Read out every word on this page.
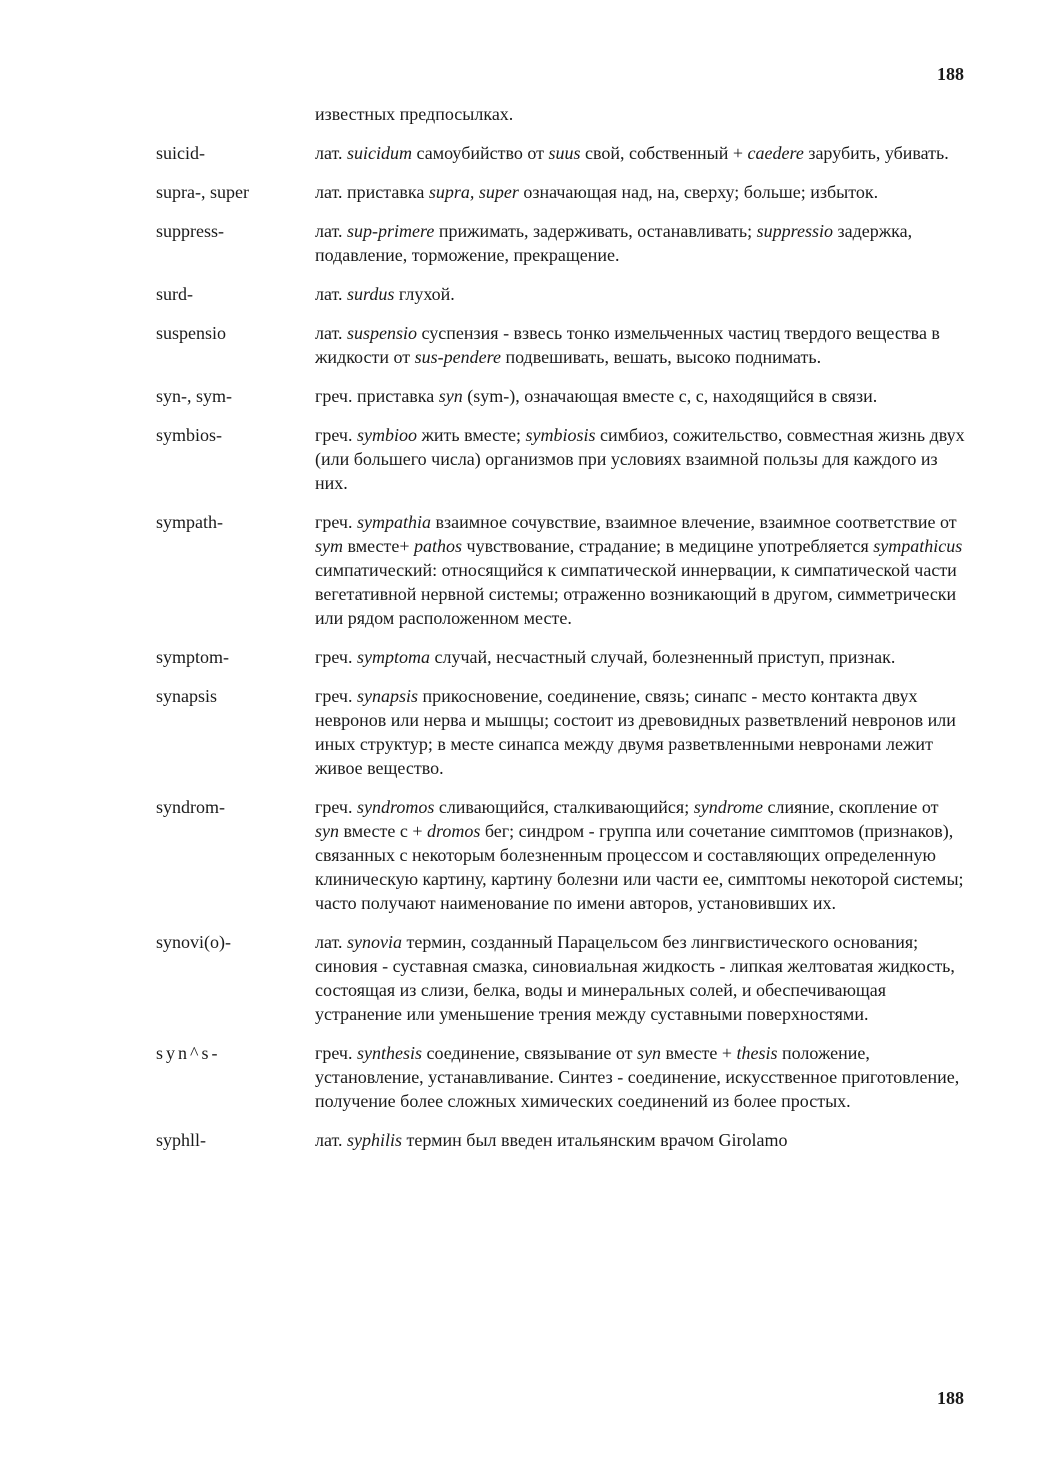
188
известных предпосылках.
suicid-	лат. suicidum самоубийство от suus свой, собственный + caedere зарубить, убивать.
supra-, super	лат. приставка supra, super означающая над, на, сверху; больше; избыток.
suppress-	лат. sup-primere прижимать, задерживать, останавливать; suppressio задержка, подавление, торможение, прекращение.
surd-	лат. surdus глухой.
suspensio	лат. suspensio суспензия - взвесь тонко измельченных частиц твердого вещества в жидкости от sus-pendere подвешивать, вешать, высоко поднимать.
syn-, sym-	греч. приставка syn (sym-), означающая вместе с, с, находящийся в связи.
symbios-	греч. symbioo жить вместе; symbiosis симбиоз, сожительство, совместная жизнь двух (или большего числа) организмов при условиях взаимной пользы для каждого из них.
sympath-	греч. sympathia взаимное сочувствие, взаимное влечение, взаимное соответствие от sym вместе+ pathos чувствование, страдание; в медицине употребляется sympathicus симпатический: относящийся к симпатической иннервации, к симпатической части вегетативной нервной системы; отраженно возникающий в другом, симметрически или рядом расположенном месте.
symptom-	греч. symptoma случай, несчастный случай, болезненный приступ, признак.
synapsis	греч. synapsis прикосновение, соединение, связь; синапс - место контакта двух невронов или нерва и мышцы; состоит из древовидных разветвлений невронов или иных структур; в месте синапса между двумя разветвленными невронами лежит живое вещество.
syndrom-	греч. syndromos сливающийся, сталкивающийся; syndrome слияние, скопление от syn вместе с + dromos бег; синдром - группа или сочетание симптомов (признаков), связанных с некоторым болезненным процессом и составляющих определенную клиническую картину, картину болезни или части ее, симптомы некоторой системы; часто получают наименование по имени авторов, установивших их.
synovi(o)-	лат. synovia термин, созданный Парацельсом без лингвистического основания; синовия - суставная смазка, синовиальная жидкость - липкая желтоватая жидкость, состоящая из слизи, белка, воды и минеральных солей, и обеспечивающая устранение или уменьшение трения между суставными поверхностями.
syn^s-	греч. synthesis соединение, связывание от syn вместе + thesis положение, установление, устанавливание. Синтез - соединение, искусственное приготовление, получение более сложных химических соединений из более простых.
syphll-	лат. syphilis термин был введен итальянским врачом Girolamo
188
